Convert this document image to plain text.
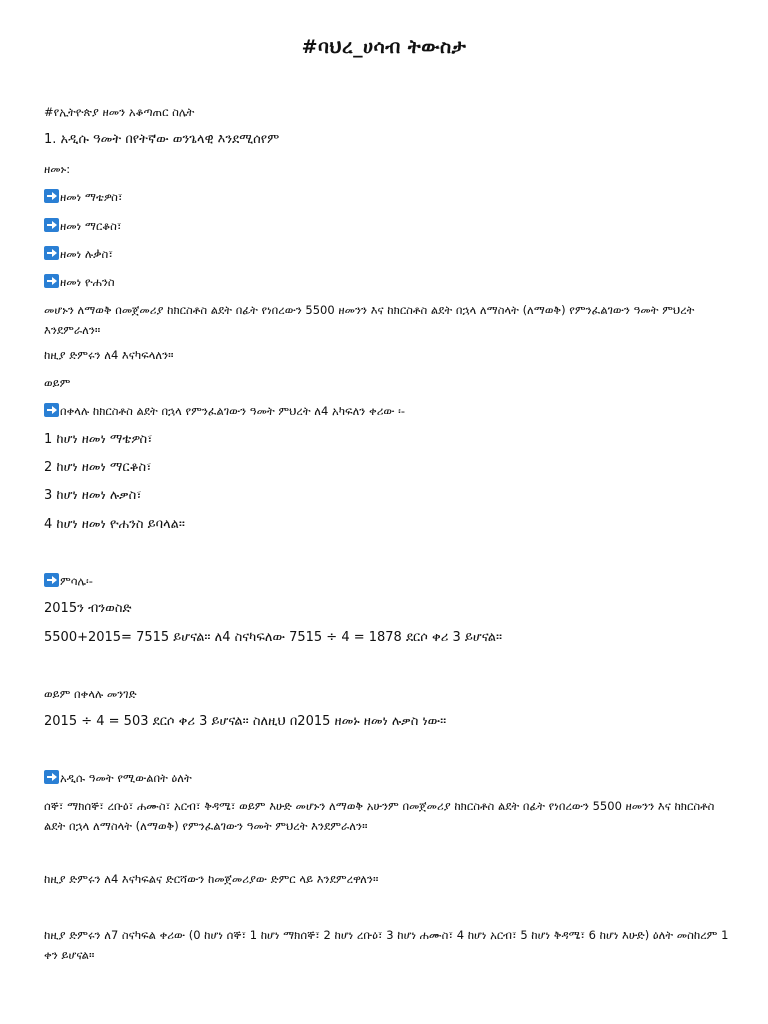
#ባህረ_ሀሳብ ትውስታ
#የኢትዮጵያ ዘመን አቆጣጠር ስሌት
1. አዲሱ ዓመት በየትኛው ወንጌላዊ እንደሚሰየም
ዘመኑ:
ዘመነ ማቴዎስ፣
ዘመነ ማርቆስ፣
ዘመነ ሉቃስ፣
ዘመነ ዮሐንስ
መሆኑን ለማወቅ በመጀመሪያ ከክርስቶስ ልደት በፊት የነበረውን 5500 ዘመንን እና ከክርስቶስ ልደት በኋላ ለማስላት (ለማወቅ) የምንፈልገውን ዓመት ምህረት እንደምራለን።
ከዚያ ድምሩን ለ4 እናካፍላለን።
ወይም
በቀላሉ ከክርስቶስ ልደት በኋላ የምንፈልገውን ዓመት ምህረት ለ4 አካፍለን ቀሪው ፡-
1 ከሆነ ዘመነ ማቴዎስ፣
2 ከሆነ ዘመነ ማርቆስ፣
3 ከሆነ ዘመነ ሉቃስ፣
4 ከሆነ ዘመነ ዮሐንስ ይባላል።
ምሳሌ፡-
2015ን ብንወስድ
5500+2015= 7515 ይሆናል። ለ4 ስናካፍለው 7515 ÷ 4 = 1878 ደርሶ ቀሪ 3 ይሆናል።
ወይም በቀላሉ መንገድ
2015 ÷ 4 = 503 ደርሶ ቀሪ 3 ይሆናል። ስለዚህ በ2015 ዘመኑ ዘመነ ሉቃስ ነው።
አዲሱ ዓመት የሚውልበት ዕለት
ሰኞ፣ ማክሰኞ፣ ረቡዕ፣ ሐሙስ፣ አርብ፣ ቅዳሜ፣ ወይም እሁድ መሆኑን ለማወቅ አሁንም በመጀመሪያ ከክርስቶስ ልደት በፊት የነበረውን 5500 ዘመንን እና ከክርስቶስ ልደት በኋላ ለማስላት (ለማወቅ) የምንፈልገውን ዓመት ምህረት እንደምራለን።
ከዚያ ድምሩን ለ4 እናካፍልና ድርሻውን ከመጀመሪያው ድምር ላይ እንደምረዋለን።
ከዚያ ድምሩን ለ7 ስናካፍል ቀሪው (0 ከሆነ ሰኞ፣ 1 ከሆነ ማክሰኞ፣ 2 ከሆነ ረቡዕ፣ 3 ከሆነ ሐሙስ፣ 4 ከሆነ አርብ፣ 5 ከሆነ ቅዳሜ፣ 6 ከሆነ እሁድ) ዕለት መስከረም 1 ቀን ይሆናል።
